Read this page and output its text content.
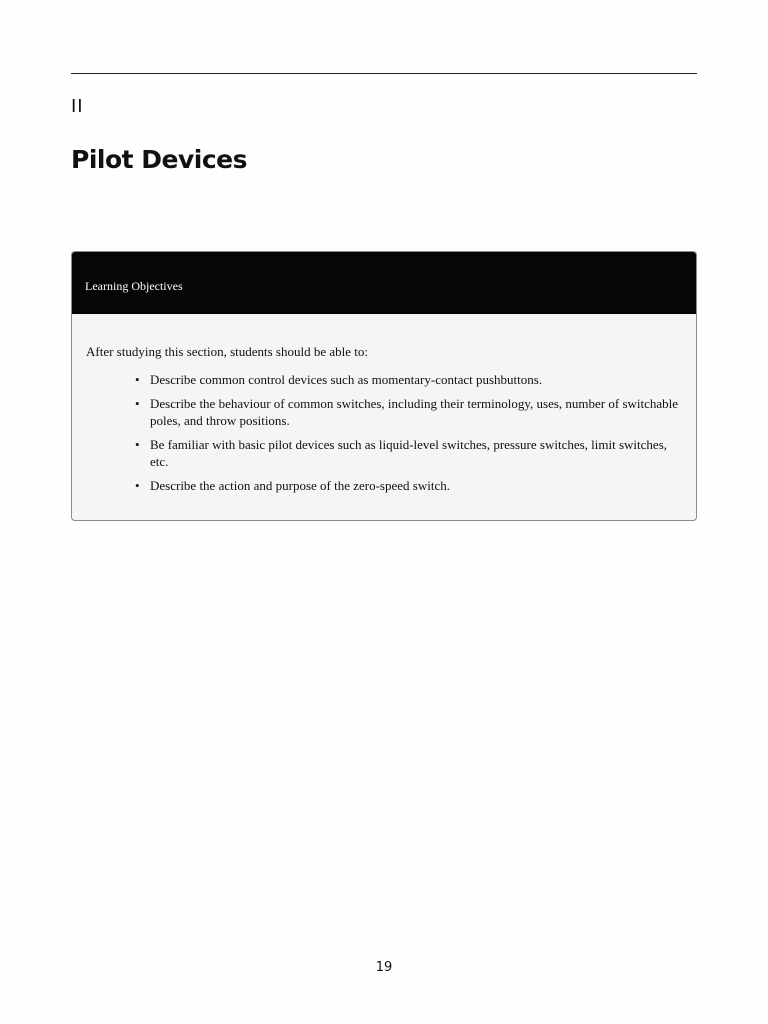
II
Pilot Devices
Learning Objectives

After studying this section, students should be able to:

• Describe common control devices such as momentary-contact pushbuttons.
• Describe the behaviour of common switches, including their terminology, uses, number of switchable poles, and throw positions.
• Be familiar with basic pilot devices such as liquid-level switches, pressure switches, limit switches, etc.
• Describe the action and purpose of the zero-speed switch.
19
